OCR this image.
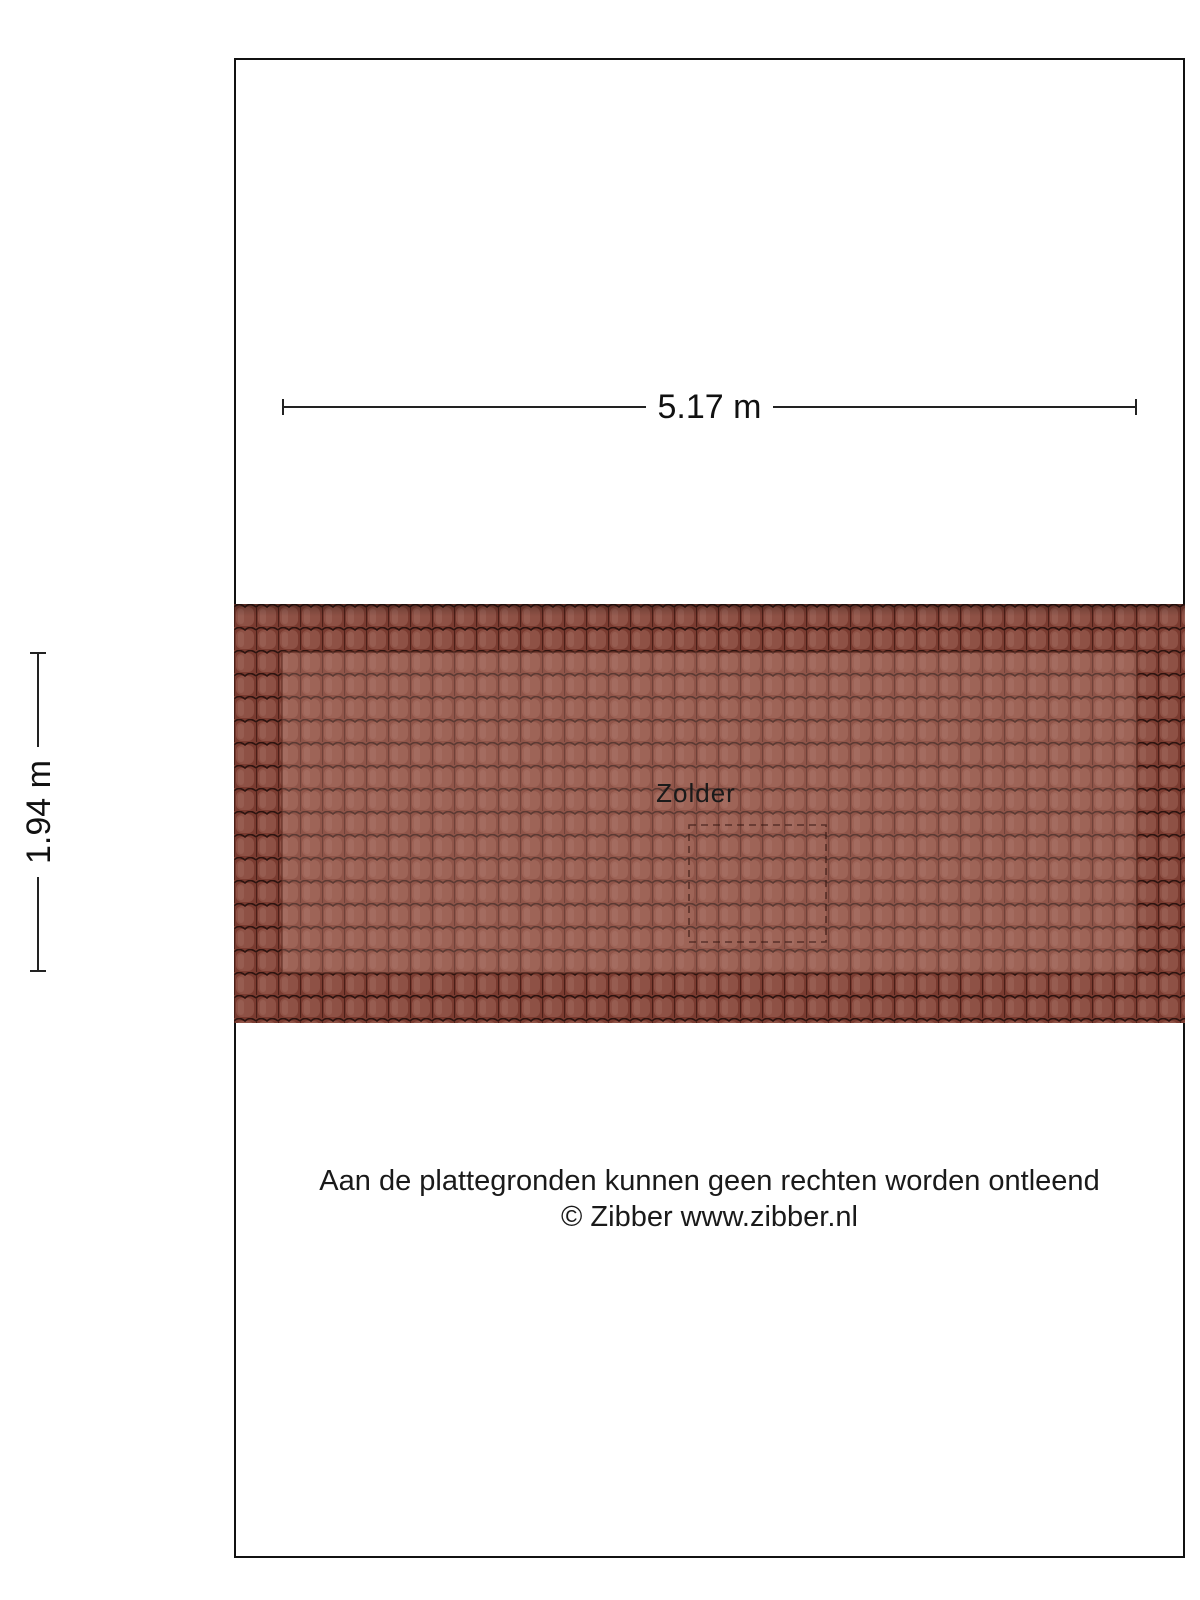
5.17 m
1.94 m	Zolder
Aan de plattegronden kunnen geen rechten worden ontleend
© Zibber www.zibber.nl
